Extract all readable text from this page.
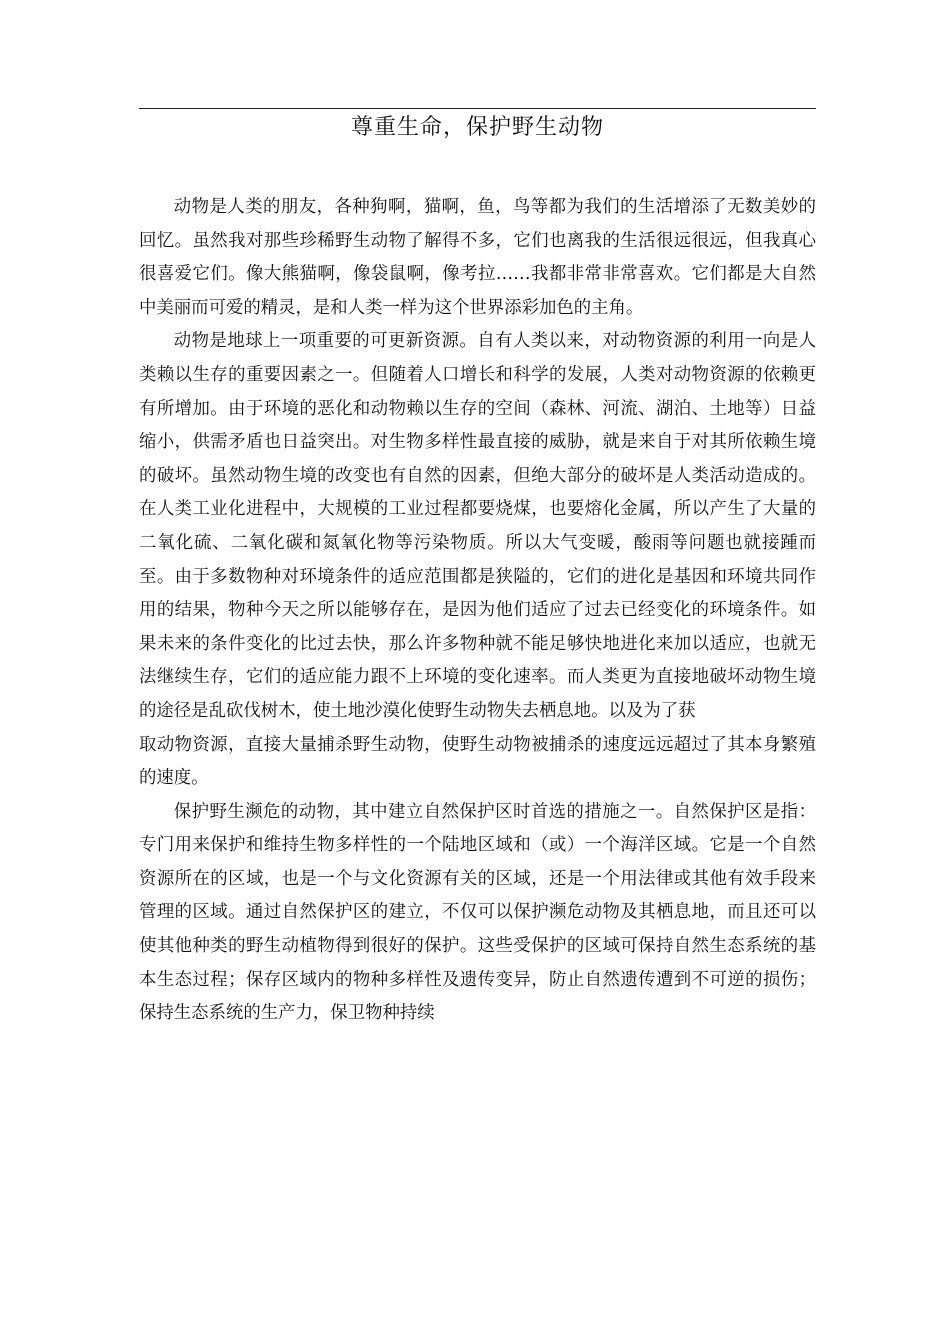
尊重生命，保护野生动物

动物是人类的朋友，各种狗啊，猫啊，鱼，鸟等都为我们的生活增添了无数美妙的回忆。虽然我对那些珍稀野生动物了解得不多，它们也离我的生活很远很远，但我真心很喜爱它们。像大熊猫啊，像袋鼠啊，像考拉……我都非常非常喜欢。它们都是大自然中美丽而可爱的精灵，是和人类一样为这个世界添彩加色的主角。

动物是地球上一项重要的可更新资源。自有人类以来，对动物资源的利用一向是人类赖以生存的重要因素之一。但随着人口增长和科学的发展，人类对动物资源的依赖更有所增加。由于环境的恶化和动物赖以生存的空间（森林、河流、湖泊、土地等）日益缩小，供需矛盾也日益突出。对生物多样性最直接的威胁，就是来自于对其所依赖生境的破坏。虽然动物生境的改变也有自然的因素，但绝大部分的破坏是人类活动造成的。在人类工业化进程中，大规模的工业过程都要烧煤，也要熔化金属，所以产生了大量的二氧化硫、二氧化碳和氮氧化物等污染物质。所以大气变暖，酸雨等问题也就接踵而至。由于多数物种对环境条件的适应范围都是狭隘的，它们的进化是基因和环境共同作用的结果，物种今天之所以能够存在，是因为他们适应了过去已经变化的环境条件。如果未来的条件变化的比过去快，那么许多物种就不能足够快地进化来加以适应，也就无法继续生存，它们的适应能力跟不上环境的变化速率。而人类更为直接地破坏动物生境的途径是乱砍伐树木，使土地沙漠化使野生动物失去栖息地。以及为了获

取动物资源，直接大量捕杀野生动物，使野生动物被捕杀的速度远远超过了其本身繁殖的速度。

保护野生濒危的动物，其中建立自然保护区时首选的措施之一。自然保护区是指：专门用来保护和维持生物多样性的一个陆地区域和（或）一个海洋区域。它是一个自然资源所在的区域，也是一个与文化资源有关的区域，还是一个用法律或其他有效手段来管理的区域。通过自然保护区的建立，不仅可以保护濒危动物及其栖息地，而且还可以使其他种类的野生动植物得到很好的保护。这些受保护的区域可保持自然生态系统的基本生态过程；保存区域内的物种多样性及遗传变异，防止自然遗传遭到不可逆的损伤；保持生态系统的生产力，保卫物种持续
